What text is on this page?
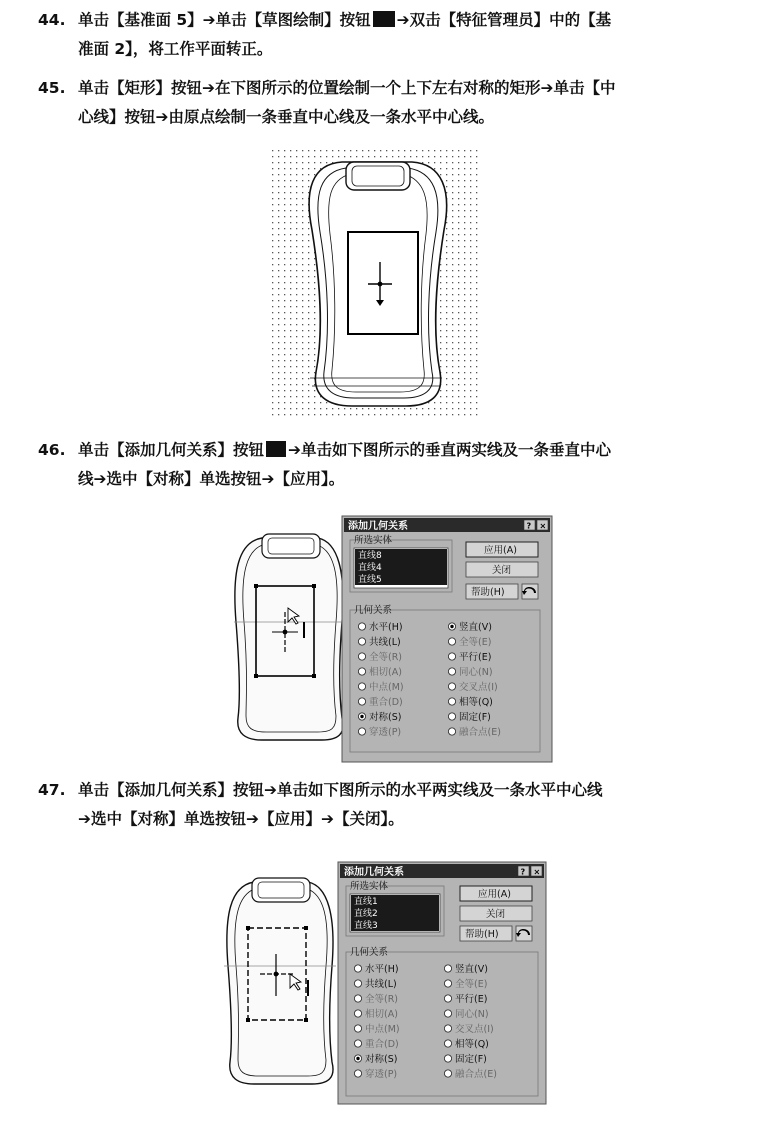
44. 单击【基准面 5】➔单击【草图绘制】按钮 ➔双击【特征管理员】中的【基
准面 2】，将工作平面转正。
45. 单击【矩形】按钮➔在下图所示的位置绘制一个上下左右对称的矩形➔单击【中
心线】按钮➔由原点绘制一条垂直中心线及一条水平中心线。
46. 单击【添加几何关系】按钮 ➔单击如下图所示的垂直两实线及一条垂直中心
线➔选中【对称】单选按钮➔【应用】。
添加几何关系	? ×
所选实体
直线8
直线4
直线5
应用(A)
关闭
帮助(H)
几何关系
水平(H)
共线(L)
全等(R)
相切(A)
中点(M)
重合(D)
对称(S)
穿透(P)
竖直(V)
全等(E)
平行(E)
同心(N)
交叉点(I)
相等(Q)
固定(F)
融合点(E)
47. 单击【添加几何关系】按钮➔单击如下图所示的水平两实线及一条水平中心线
➔选中【对称】单选按钮➔【应用】➔【关闭】。
添加几何关系	? ×
所选实体
直线1
直线2
直线3
应用(A)
关闭
帮助(H)
几何关系
水平(H)
共线(L)
全等(R)
相切(A)
中点(M)
重合(D)
对称(S)
穿透(P)
竖直(V)
全等(E)
平行(E)
同心(N)
交叉点(I)
相等(Q)
固定(F)
融合点(E)
